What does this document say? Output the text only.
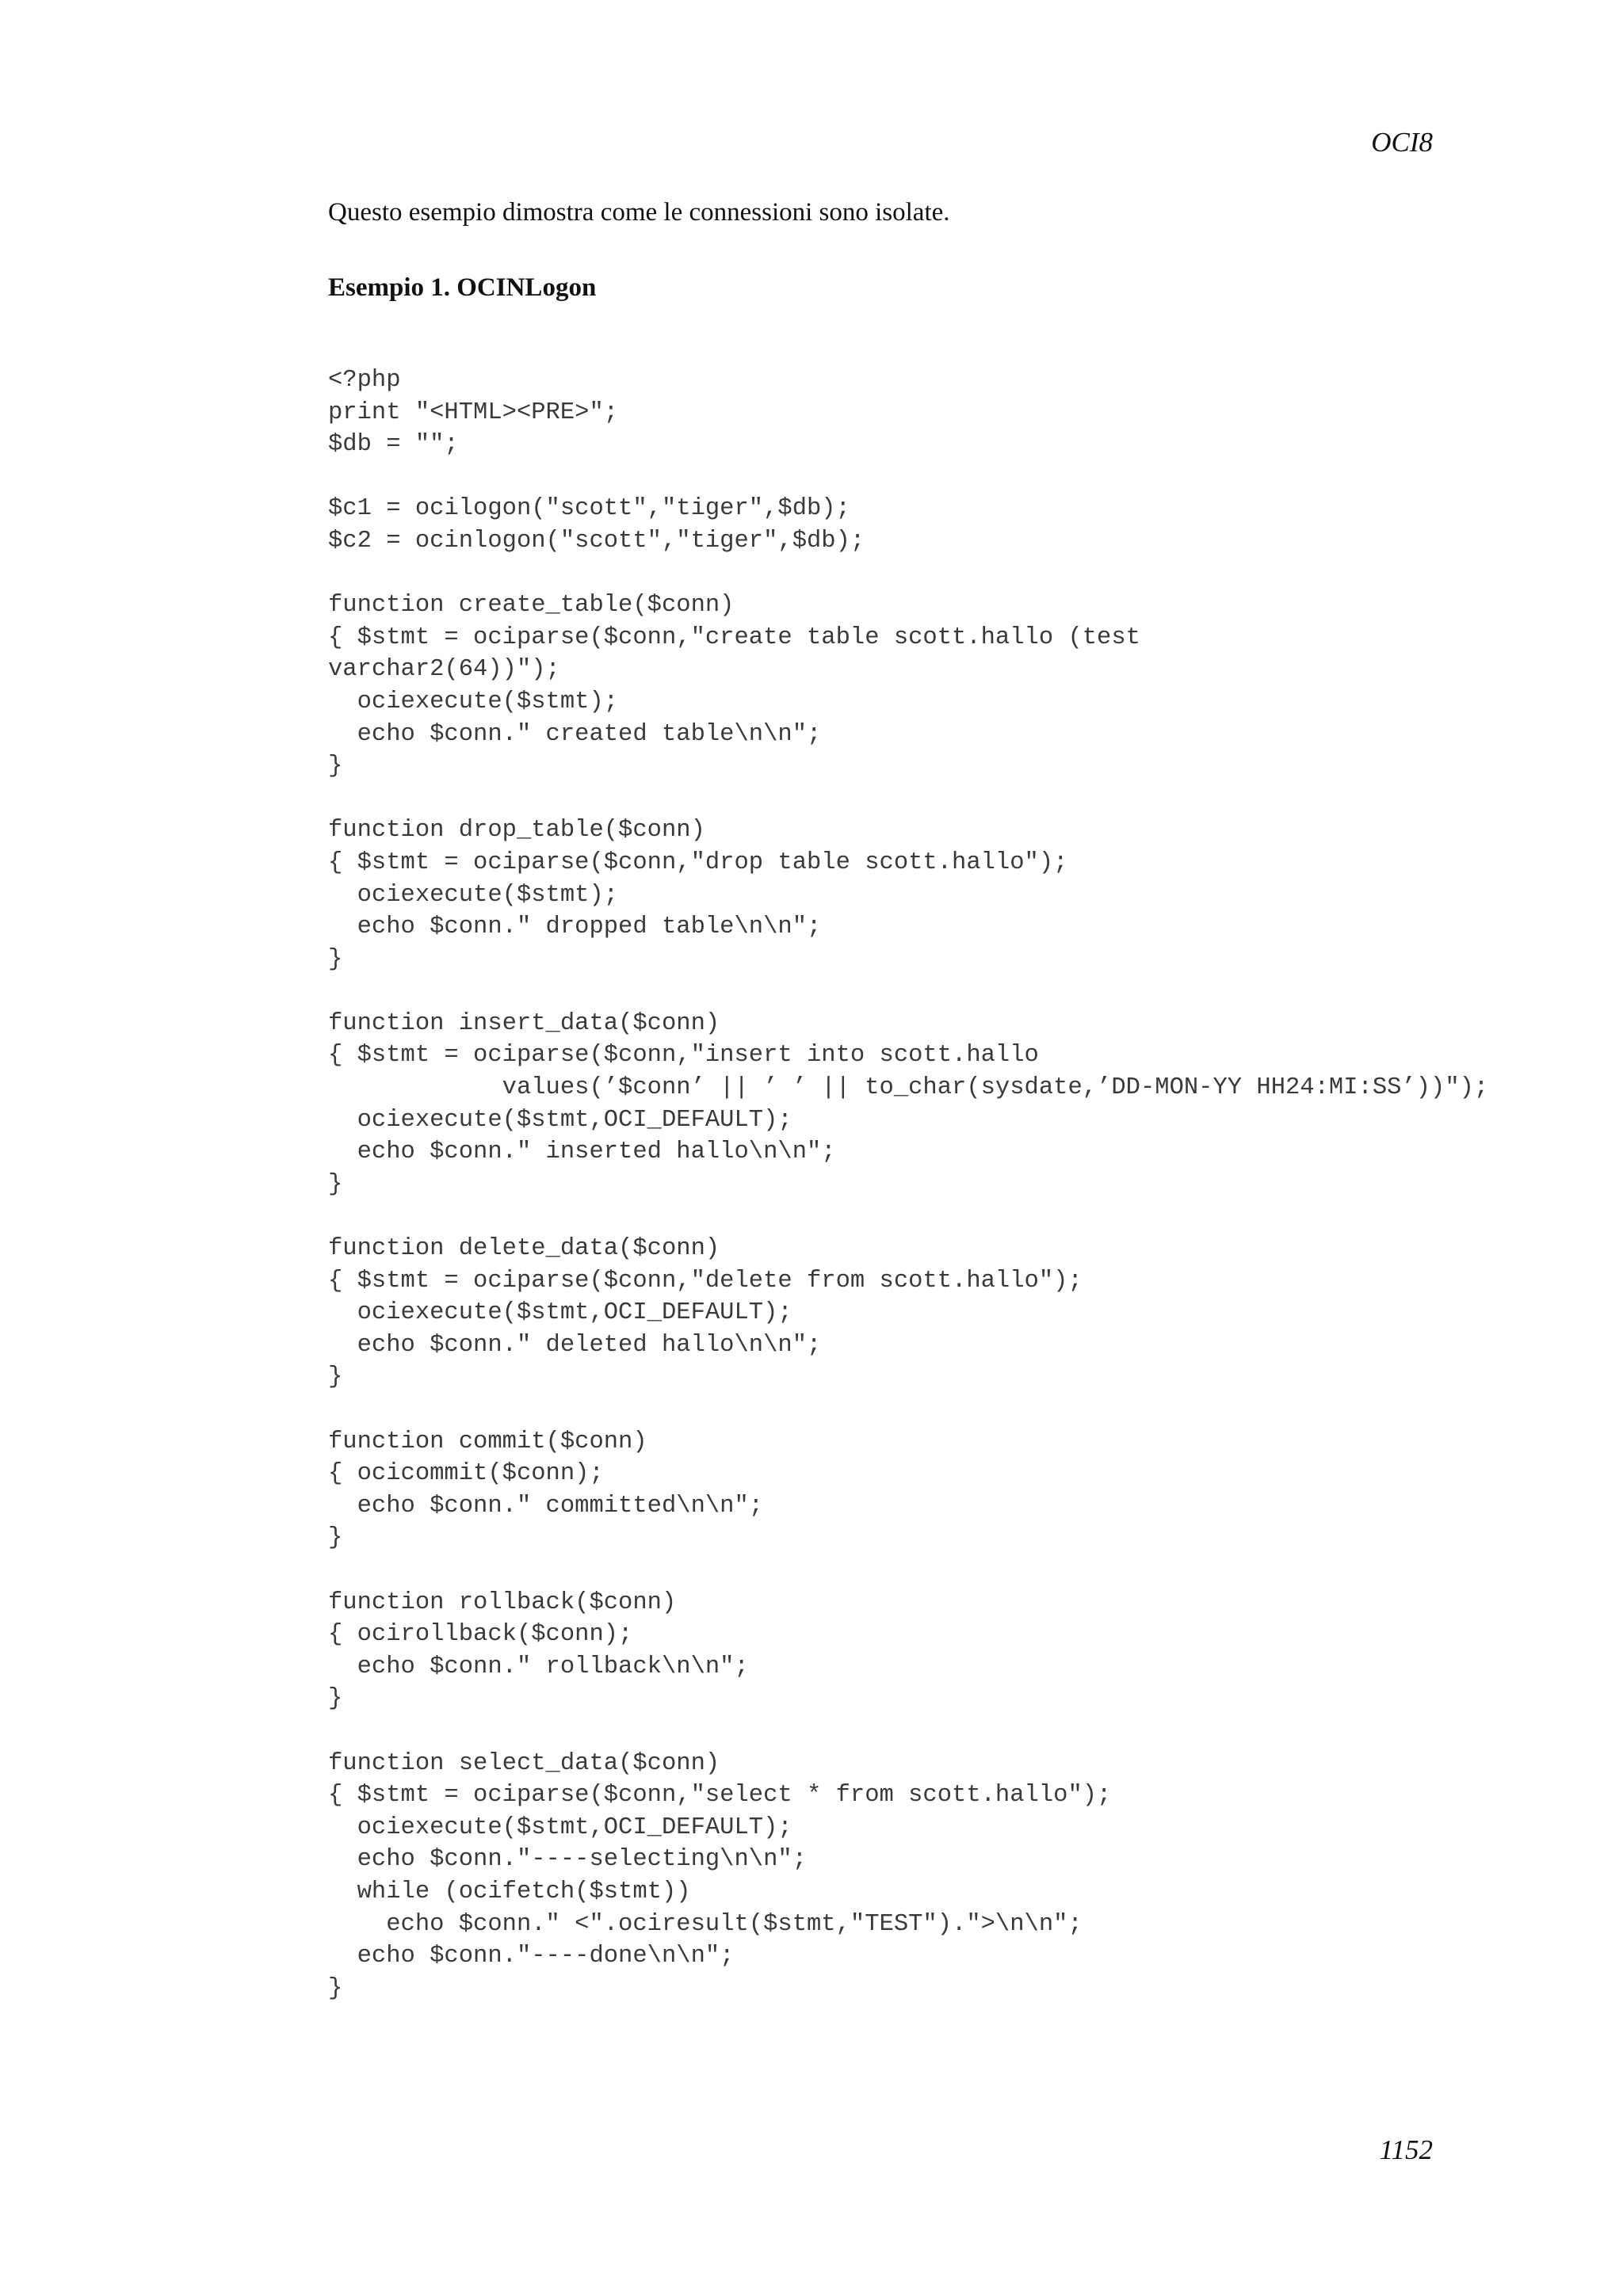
OCI8
Questo esempio dimostra come le connessioni sono isolate.
Esempio 1. OCINLogon
<?php
print "<HTML><PRE>";
$db = "";
$c1 = ocilogon("scott","tiger",$db);
$c2 = ocinlogon("scott","tiger",$db);
function create_table($conn)
{ $stmt = ociparse($conn,"create table scott.hallo (test
varchar2(64))");
ociexecute($stmt);
echo $conn." created table\n\n";
}
function drop_table($conn)
{ $stmt = ociparse($conn,"drop table scott.hallo");
ociexecute($stmt);
echo $conn." dropped table\n\n";
}
function insert_data($conn)
{ $stmt = ociparse($conn,"insert into scott.hallo
values(’$conn’ || ’ ’ || to_char(sysdate,’DD-MON-YY HH24:MI:SS’))");
ociexecute($stmt,OCI_DEFAULT);
echo $conn." inserted hallo\n\n";
}
function delete_data($conn)
{ $stmt = ociparse($conn,"delete from scott.hallo");
ociexecute($stmt,OCI_DEFAULT);
echo $conn." deleted hallo\n\n";
}
function commit($conn)
{ ocicommit($conn);
echo $conn." committed\n\n";
}
function rollback($conn)
{ ocirollback($conn);
echo $conn." rollback\n\n";
}
function select_data($conn)
{ $stmt = ociparse($conn,"select * from scott.hallo");
ociexecute($stmt,OCI_DEFAULT);
echo $conn."----selecting\n\n";
while (ocifetch($stmt))
echo $conn." <".ociresult($stmt,"TEST").">\n\n";
echo $conn."----done\n\n";
}
1152
